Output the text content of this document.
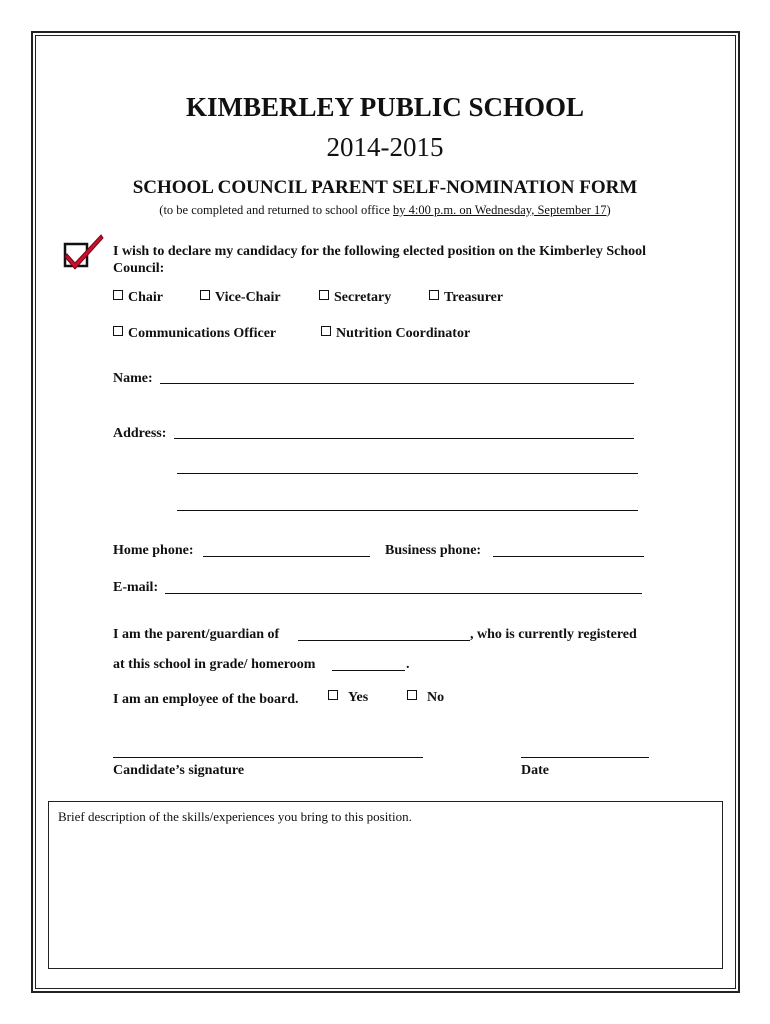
KIMBERLEY PUBLIC SCHOOL
2014-2015
SCHOOL COUNCIL PARENT SELF-NOMINATION FORM
(to be completed and returned to school office by 4:00 p.m. on Wednesday, September 17)
I wish to declare my candidacy for the following elected position on the Kimberley School Council:
Chair	Vice-Chair	Secretary	Treasurer
Communications Officer	Nutrition Coordinator
Name:
Address:
Home phone:	Business phone:
E-mail:
I am the parent/guardian of	, who is currently registered
at this school in grade/ homeroom	.
I am an employee of the board.	Yes	No
Candidate’s signature	Date
Brief description of the skills/experiences you bring to this position.
